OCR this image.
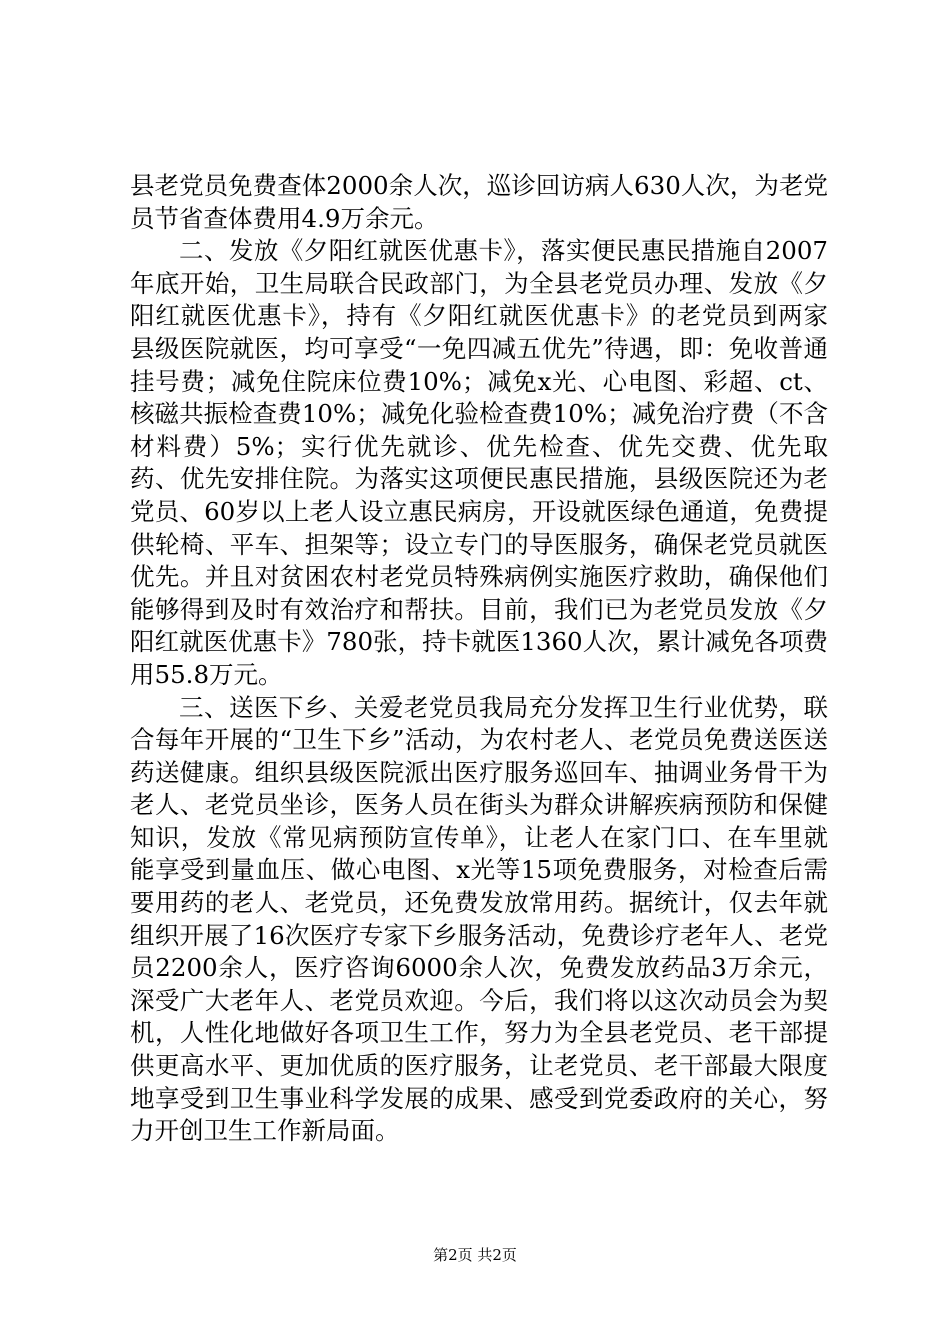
县老党员免费查体2000余人次，巡诊回访病人630人次，为老党员节省查体费用4.9万余元。

二、发放《夕阳红就医优惠卡》，落实便民惠民措施自2007年底开始，卫生局联合民政部门，为全县老党员办理、发放《夕阳红就医优惠卡》，持有《夕阳红就医优惠卡》的老党员到两家县级医院就医，均可享受“一免四减五优先”待遇，即：免收普通挂号费；减免住院床位费10%；减免x光、心电图、彩超、ct、核磁共振检查费10%；减免化验检查费10%；减免治疗费（不含材料费）5%；实行优先就诊、优先检查、优先交费、优先取药、优先安排住院。为落实这项便民惠民措施，县级医院还为老党员、60岁以上老人设立惠民病房，开设就医绿色通道，免费提供轮椅、平车、担架等；设立专门的导医服务，确保老党员就医优先。并且对贫困农村老党员特殊病例实施医疗救助，确保他们能够得到及时有效治疗和帮扶。目前，我们已为老党员发放《夕阳红就医优惠卡》780张，持卡就医1360人次，累计减免各项费用55.8万元。

三、送医下乡、关爱老党员我局充分发挥卫生行业优势，联合每年开展的“卫生下乡”活动，为农村老人、老党员免费送医送药送健康。组织县级医院派出医疗服务巡回车、抽调业务骨干为老人、老党员坐诊，医务人员在街头为群众讲解疾病预防和保健知识，发放《常见病预防宣传单》，让老人在家门口、在车里就能享受到量血压、做心电图、x光等15项免费服务，对检查后需要用药的老人、老党员，还免费发放常用药。据统计，仅去年就组织开展了16次医疗专家下乡服务活动，免费诊疗老年人、老党员2200余人，医疗咨询6000余人次，免费发放药品3万余元，深受广大老年人、老党员欢迎。今后，我们将以这次动员会为契机，人性化地做好各项卫生工作，努力为全县老党员、老干部提供更高水平、更加优质的医疗服务，让老党员、老干部最大限度地享受到卫生事业科学发展的成果、感受到党委政府的关心，努力开创卫生工作新局面。

第2页 共2页
